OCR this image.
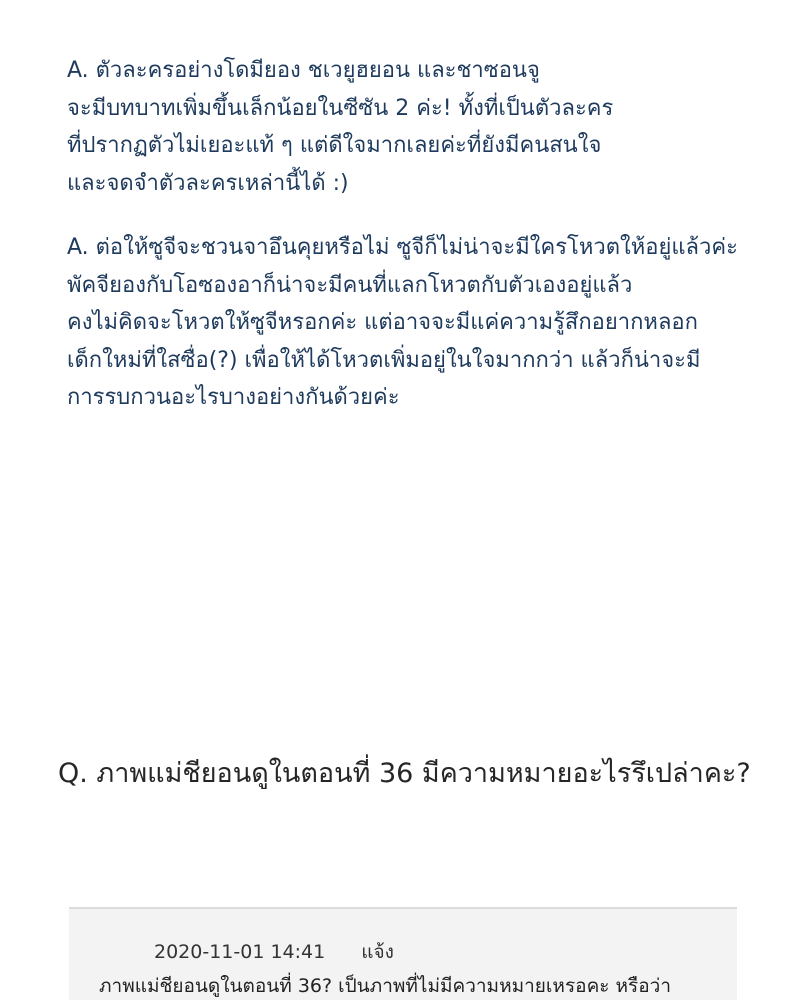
A. ตัวละครอย่างโดมียอง ชเวยูฮยอน และชาซอนจู
จะมีบทบาทเพิ่มขึ้นเล็กน้อยในซีซัน 2 ค่ะ! ทั้งที่เป็นตัวละคร
ที่ปรากฏตัวไม่เยอะแท้ ๆ แต่ดีใจมากเลยค่ะที่ยังมีคนสนใจ
และจดจำตัวละครเหล่านี้ได้ :)
A. ต่อให้ซูจีจะชวนจาอึนคุยหรือไม่ ซูจีก็ไม่น่าจะมีใครโหวตให้อยู่แล้วค่ะ
พัคจียองกับโอซองอาก็น่าจะมีคนที่แลกโหวตกับตัวเองอยู่แล้ว
คงไม่คิดจะโหวตให้ซูจีหรอกค่ะ แต่อาจจะมีแค่ความรู้สึกอยากหลอก
เด็กใหม่ที่ใสซื่อ(?) เพื่อให้ได้โหวตเพิ่มอยู่ในใจมากกว่า แล้วก็น่าจะมี
การรบกวนอะไรบางอย่างกันด้วยค่ะ
Q. ภาพแม่ชียอนดูในตอนที่ 36 มีความหมายอะไรรึเปล่าคะ?
2020-11-01 14:41 แจ้ง
ภาพแม่ชียอนดูในตอนที่ 36? เป็นภาพที่ไม่มีความหมายเหรอคะ หรือว่า
